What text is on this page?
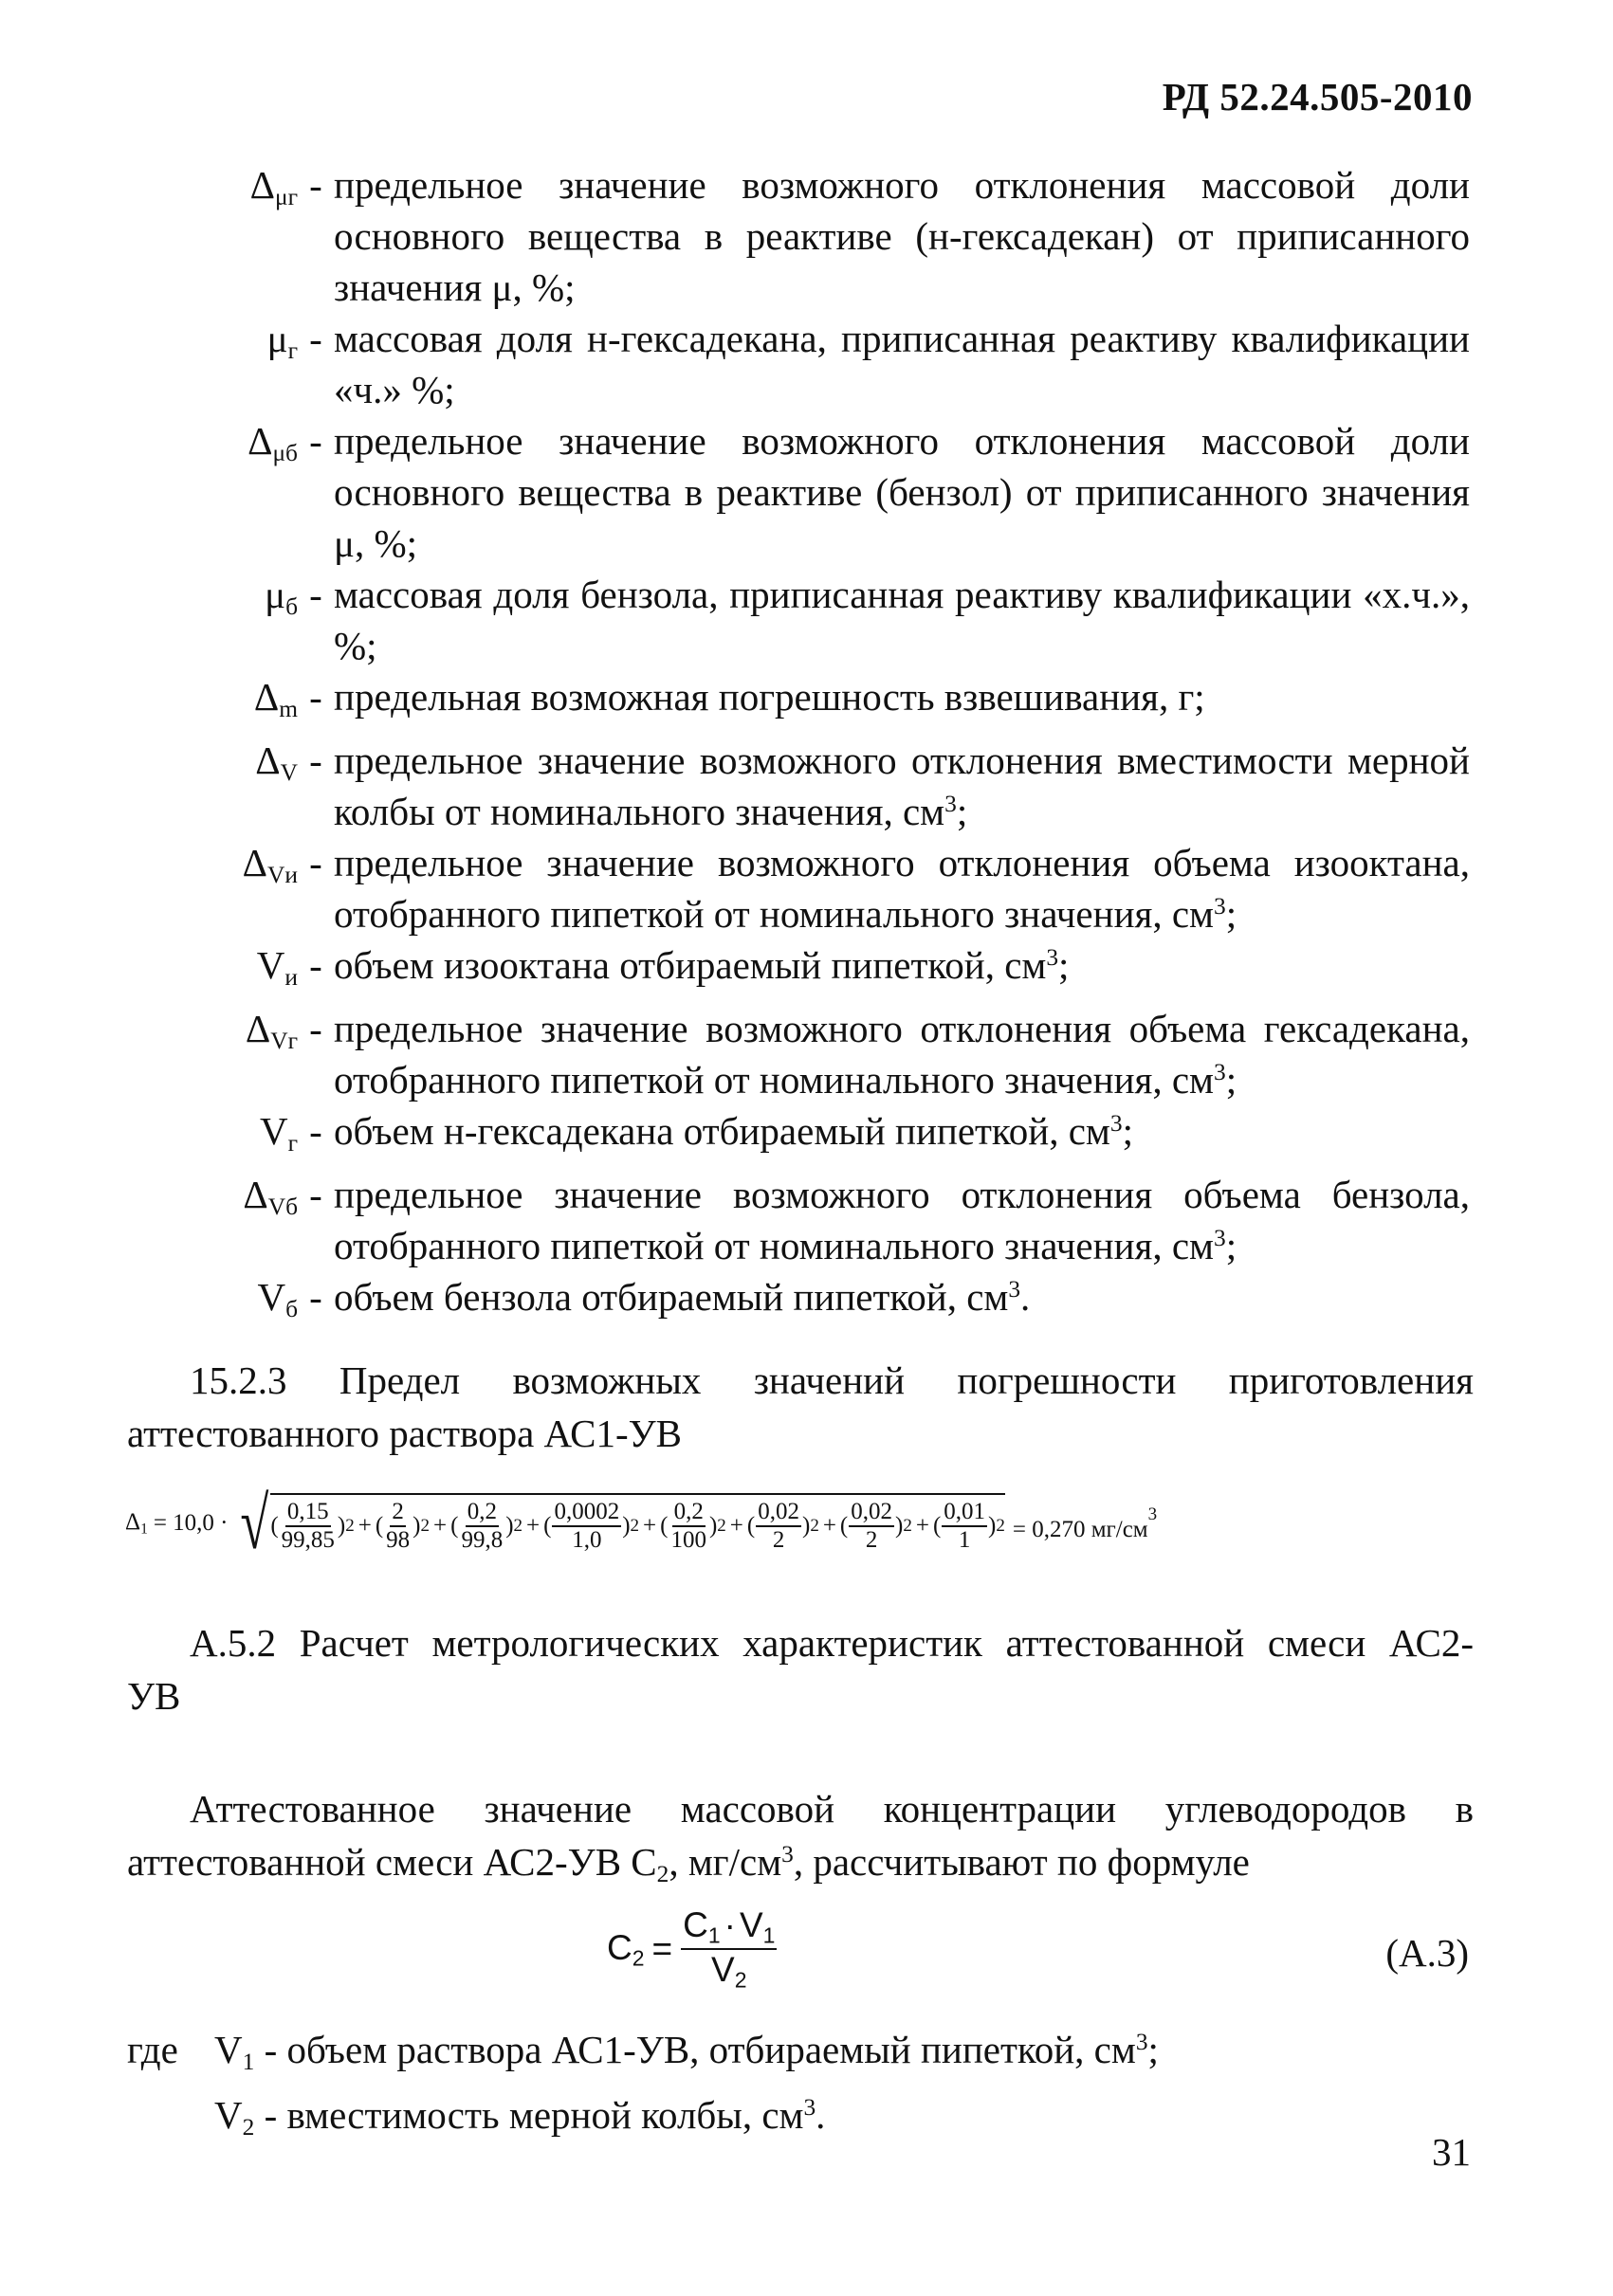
РД 52.24.505-2010
$\Delta_{\mu г}$ - предельное значение возможного отклонения массовой доли основного вещества в реактиве (н-гексадекан) от приписанного значения μ, %;
$\mu_г$ - массовая доля н-гексадекана, приписанная реактиву квалификации «ч.» %;
$\Delta_{\mu б}$ - предельное значение возможного отклонения массовой доли основного вещества в реактиве (бензол) от приписанного значения μ, %;
$\mu_б$ - массовая доля бензола, приписанная реактиву квалификации «х.ч.», %;
$\Delta_m$ - предельная возможная погрешность взвешивания, г;
$\Delta_V$ - предельное значение возможного отклонения вместимости мерной колбы от номинального значения, $см^3$;
$\Delta_{Vи}$ - предельное значение возможного отклонения объема изооктана, отобранного пипеткой от номинального значения, $см^3$;
$V_и$ - объем изооктана отбираемый пипеткой, $см^3$;
$\Delta_{Vг}$ - предельное значение возможного отклонения объема гексадекана, отобранного пипеткой от номинального значения, $см^3$;
$V_г$ - объем н-гексадекана отбираемый пипеткой, $см^3$;
$\Delta_{Vб}$ - предельное значение возможного отклонения объема бензола, отобранного пипеткой от номинального значения, $см^3$;
$V_б$ - объем бензола отбираемый пипеткой, $см^3$.
15.2.3 Предел возможных значений погрешности приготовления аттестованного раствора АС1-УВ
$\Delta_1 = 10,0$ · √ ( $\frac{0,15}{99,85}$ ) 2 + ( $\frac{2}{98}$ ) 2 + ( $\frac{0,2}{99,8}$ ) 2 + ( $\frac{0,0002}{1,0}$ ) 2 + ( $\frac{0,2}{100}$ ) 2 + ( $\frac{0,02}{2}$ ) 2 + ( $\frac{0,02}{2}$ ) 2 + ( $\frac{0,01}{1}$ ) 2 = 0,270 $мг/см^3$
А.5.2 Расчет метрологических характеристик аттестованной смеси АС2-УВ
Аттестованное значение массовой концентрации углеводородов в аттестованной смеси АС2-УВ $С_2$, $мг/см^3$, рассчитывают по формуле
$С_2 = \frac{С_1 \cdot V_1}{V_2}$	(А.3)
где $V_1$ - объем раствора АС1-УВ, отбираемый пипеткой, $см^3$;
$V_2$ - вместимость мерной колбы, $см^3$.
31
